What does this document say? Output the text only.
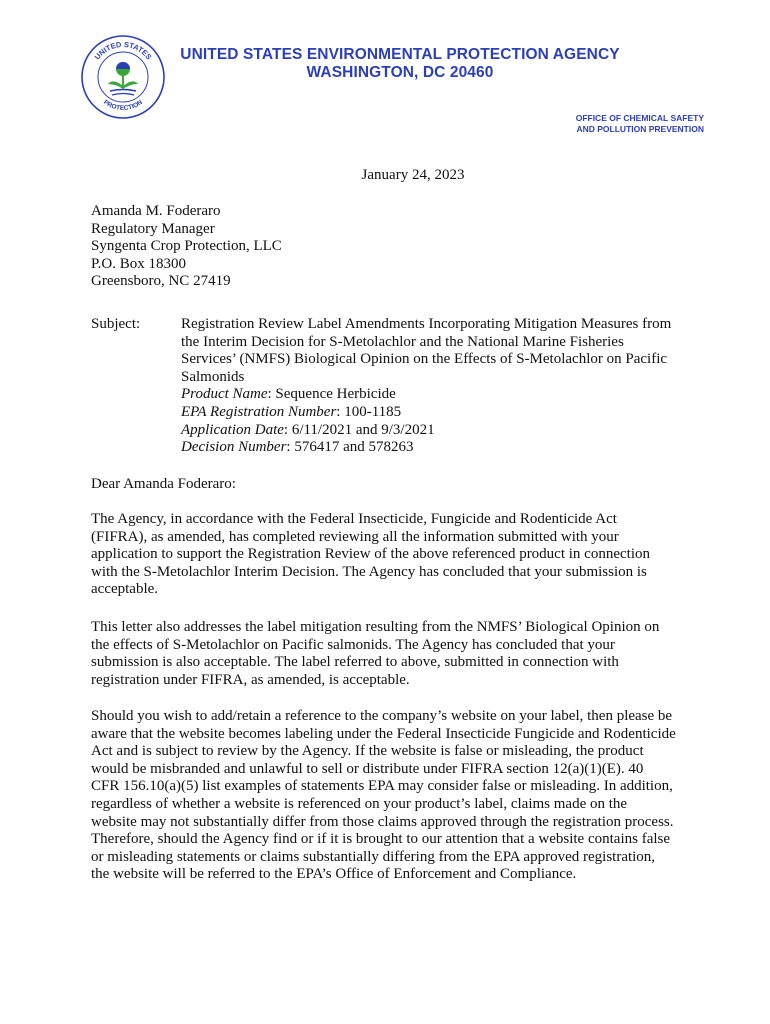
UNITED STATES
PROTECTION
UNITED STATES ENVIRONMENTAL PROTECTION AGENCY
WASHINGTON, DC 20460
OFFICE OF CHEMICAL SAFETY
AND POLLUTION PREVENTION
January 24, 2023
Amanda M. Foderaro
Regulatory Manager
Syngenta Crop Protection, LLC
P.O. Box 18300
Greensboro, NC 27419
Subject:	Registration Review Label Amendments Incorporating Mitigation Measures from
the Interim Decision for S-Metolachlor and the National Marine Fisheries
Services’ (NMFS) Biological Opinion on the Effects of S-Metolachlor on Pacific
Salmonids
Product Name: Sequence Herbicide
EPA Registration Number: 100-1185
Application Date: 6/11/2021 and 9/3/2021
Decision Number: 576417 and 578263
Dear Amanda Foderaro:
The Agency, in accordance with the Federal Insecticide, Fungicide and Rodenticide Act
(FIFRA), as amended, has completed reviewing all the information submitted with your
application to support the Registration Review of the above referenced product in connection
with the S-Metolachlor Interim Decision. The Agency has concluded that your submission is
acceptable.
This letter also addresses the label mitigation resulting from the NMFS’ Biological Opinion on
the effects of S-Metolachlor on Pacific salmonids. The Agency has concluded that your
submission is also acceptable. The label referred to above, submitted in connection with
registration under FIFRA, as amended, is acceptable.
Should you wish to add/retain a reference to the company’s website on your label, then please be
aware that the website becomes labeling under the Federal Insecticide Fungicide and Rodenticide
Act and is subject to review by the Agency. If the website is false or misleading, the product
would be misbranded and unlawful to sell or distribute under FIFRA section 12(a)(1)(E). 40
CFR 156.10(a)(5) list examples of statements EPA may consider false or misleading. In addition,
regardless of whether a website is referenced on your product’s label, claims made on the
website may not substantially differ from those claims approved through the registration process.
Therefore, should the Agency find or if it is brought to our attention that a website contains false
or misleading statements or claims substantially differing from the EPA approved registration,
the website will be referred to the EPA’s Office of Enforcement and Compliance.
